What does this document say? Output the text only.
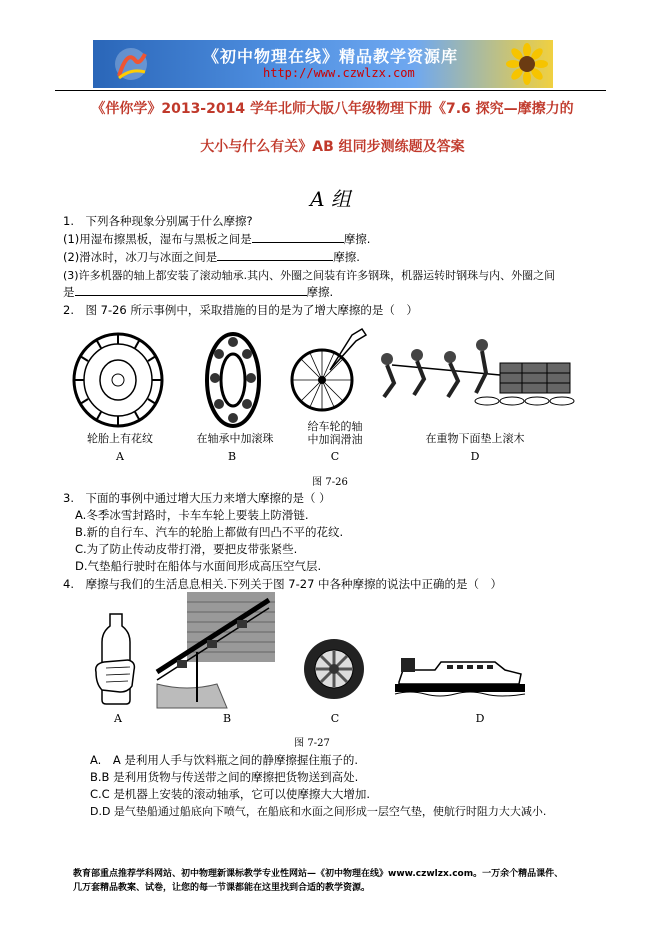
《初中物理在线》精品教学资源库
http://www.czwlzx.com
《伴你学》2013-2014 学年北师大版八年级物理下册《7.6 探究—摩擦力的
大小与什么有关》AB 组同步测练题及答案
A 组
1.　下列各种现象分别属于什么摩擦?
(1)用湿布擦黑板，湿布与黑板之间是	摩擦.
(2)滑冰时，冰刀与冰面之间是	摩擦.
(3)许多机器的轴上都安装了滚动轴承.其内、外圈之间装有许多钢珠，机器运转时钢珠与内、外圈之间
是	摩擦.
2.　图 7-26 所示事例中，采取措施的目的是为了增大摩擦的是（　）
轮胎上有花纹	在轴承中加滚珠
给车轮的轴
中加润滑油	在重物下面垫上滚木
A	B	C	D
图 7-26
3.　下面的事例中通过增大压力来增大摩擦的是（ ）
A.冬季冰雪封路时，卡车车轮上要装上防滑链.
B.新的自行车、汽车的轮胎上都做有凹凸不平的花纹.
C.为了防止传动皮带打滑，要把皮带张紧些.
D.气垫船行驶时在船体与水面间形成高压空气层.
4.　摩擦与我们的生活息息相关.下列关于图 7-27 中各种摩擦的说法中正确的是（　）
A	B	C	D
图 7-27
A.　A 是利用人手与饮料瓶之间的静摩擦握住瓶子的.
B.B 是利用货物与传送带之间的摩擦把货物送到高处.
C.C 是机器上安装的滚动轴承，它可以使摩擦大大增加.
D.D 是气垫船通过船底向下喷气，在船底和水面之间形成一层空气垫，使航行时阻力大大减小.
教育部重点推荐学科网站、初中物理新课标教学专业性网站—《初中物理在线》www.czwlzx.com。一万余个精品课件、
几万套精品教案、试卷，让您的每一节课都能在这里找到合适的教学资源。
